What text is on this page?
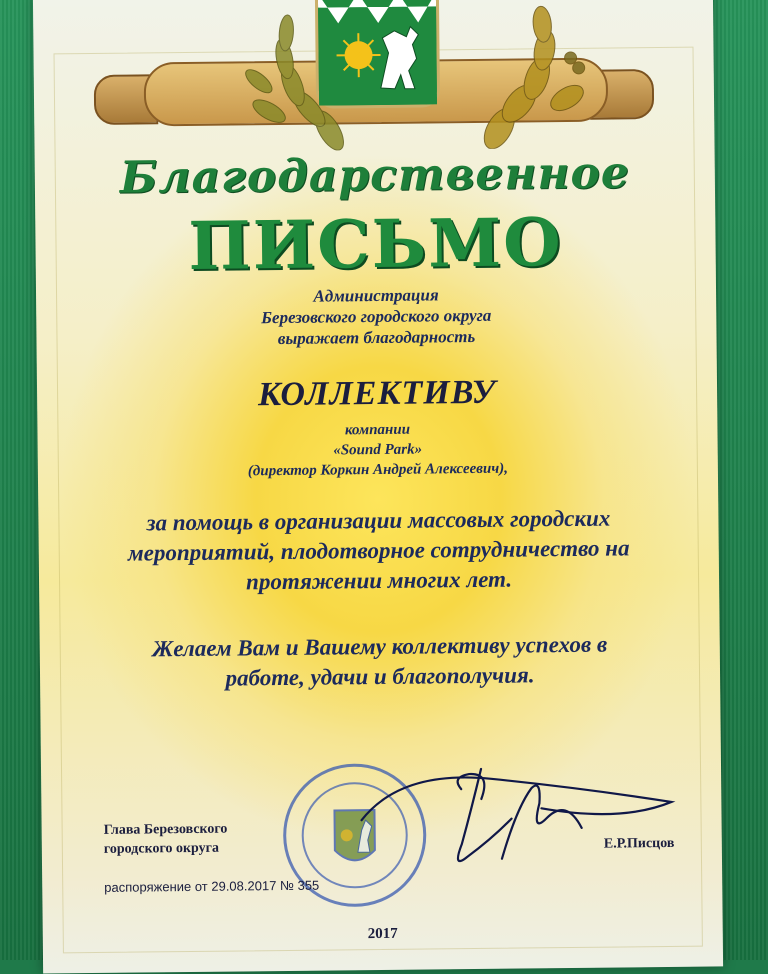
Благодарственное
ПИСЬМО
Администрация
Березовского городского округа
выражает благодарность
КОЛЛЕКТИВУ
компании
«Sound Park»
(директор Коркин Андрей Алексеевич),
за помощь в организации массовых городских
мероприятий, плодотворное сотрудничество на
протяжении многих лет.
Желаем Вам и Вашему коллективу успехов в
работе, удачи и благополучия.
Глава Березовского
городского округа	Е.Р.Писцов
распоряжение от 29.08.2017 № 355
2017
